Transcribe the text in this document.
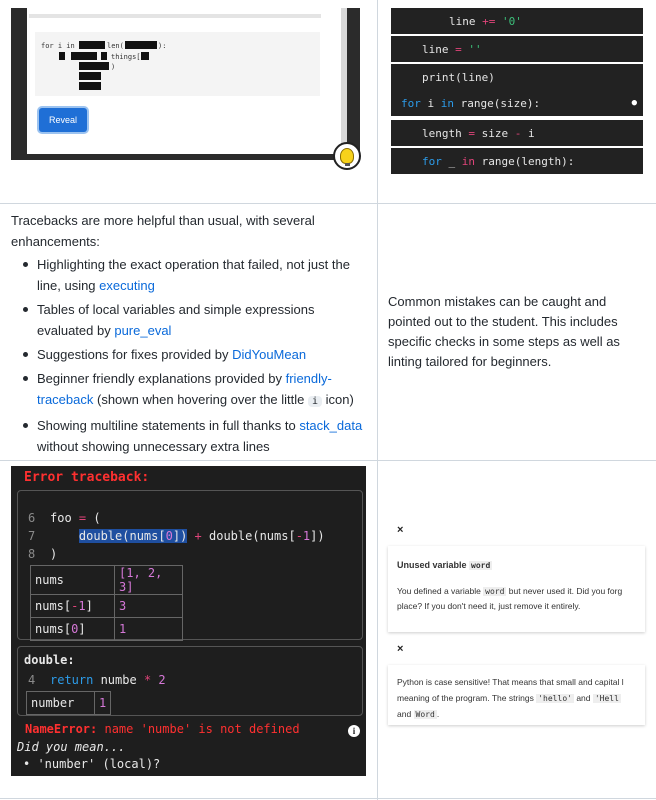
for i in	len(	):
things[
)
Reveal
line +=
'0'
line =
''
print(line)
for i in range(size):	●
length = size - i
for _ in range(length):

Tracebacks are more helpful than usual, with several enhancements:

Highlighting the exact operation that failed, not just the line, using executing
Tables of local variables and simple expressions evaluated by pure_eval
Suggestions for fixes provided by DidYouMean
Beginner friendly explanations provided by friendly-traceback (shown when hovering over the little i icon)
Showing multiline statements in full thanks to stack_data without showing unnecessary extra lines
Common mistakes can be caught and pointed out to the student. This includes specific checks in some steps as well as linting tailored for beginners.
Error traceback:
6	foo = (
7	double(nums[0]) + double(nums[-1])
8	)
nums	[1, 2, 3]
nums[-1]	3
nums[0]	1
double:
4	return numbe * 2
number	1
NameError: name 'numbe' is not defined	i
Did you mean...
• 'number' (local)?
×
Unused variable word
You defined a variable word but never used it. Did you forg
place? If you don't need it, just remove it entirely.
×
Python is case sensitive! That means that small and capital l
meaning of the program. The strings 'hello' and 'Hell
and Word .
